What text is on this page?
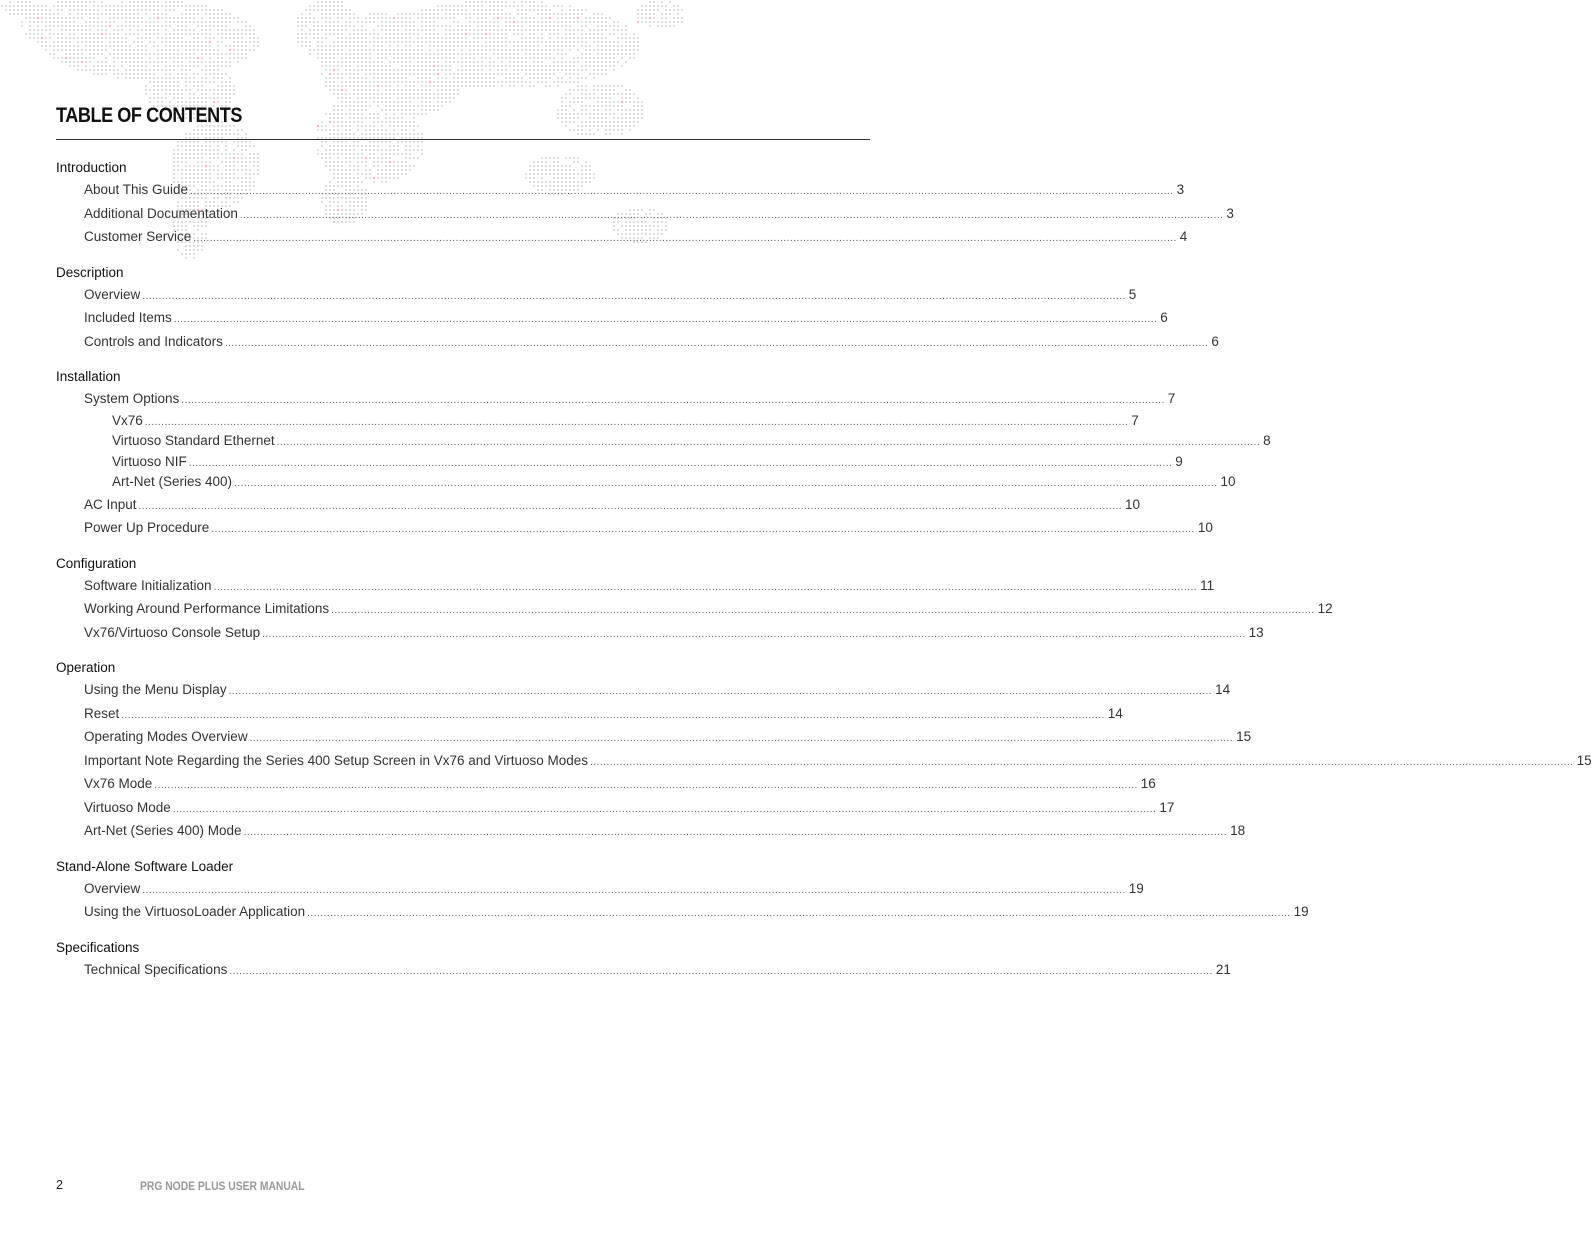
TABLE OF CONTENTS
Introduction
About This Guide ............................................................................................................................................................................................................................................................................................................ 3
Additional Documentation ............................................................................................................................................................................................................................................................................................................ 3
Customer Service ............................................................................................................................................................................................................................................................................................................ 4
Description
Overview ............................................................................................................................................................................................................................................................................................................ 5
Included Items ............................................................................................................................................................................................................................................................................................................ 6
Controls and Indicators ............................................................................................................................................................................................................................................................................................................ 6
Installation
System Options ............................................................................................................................................................................................................................................................................................................ 7
Vx76 ............................................................................................................................................................................................................................................................................................................ 7
Virtuoso Standard Ethernet ............................................................................................................................................................................................................................................................................................................ 8
Virtuoso NIF ............................................................................................................................................................................................................................................................................................................ 9
Art-Net (Series 400) ............................................................................................................................................................................................................................................................................................................ 10
AC Input ............................................................................................................................................................................................................................................................................................................ 10
Power Up Procedure ............................................................................................................................................................................................................................................................................................................ 10
Configuration
Software Initialization ............................................................................................................................................................................................................................................................................................................ 11
Working Around Performance Limitations ............................................................................................................................................................................................................................................................................................................ 12
Vx76/Virtuoso Console Setup ............................................................................................................................................................................................................................................................................................................ 13
Operation
Using the Menu Display ............................................................................................................................................................................................................................................................................................................ 14
Reset ............................................................................................................................................................................................................................................................................................................ 14
Operating Modes Overview ............................................................................................................................................................................................................................................................................................................ 15
Important Note Regarding the Series 400 Setup Screen in Vx76 and Virtuoso Modes ............................................................................................................................................................................................................................................................................................................ 15
Vx76 Mode ............................................................................................................................................................................................................................................................................................................ 16
Virtuoso Mode ............................................................................................................................................................................................................................................................................................................ 17
Art-Net (Series 400) Mode ............................................................................................................................................................................................................................................................................................................ 18
Stand-Alone Software Loader
Overview ............................................................................................................................................................................................................................................................................................................ 19
Using the VirtuosoLoader Application ............................................................................................................................................................................................................................................................................................................ 19
Specifications
Technical Specifications ............................................................................................................................................................................................................................................................................................................ 21
2	PRG NODE PLUS USER MANUAL
